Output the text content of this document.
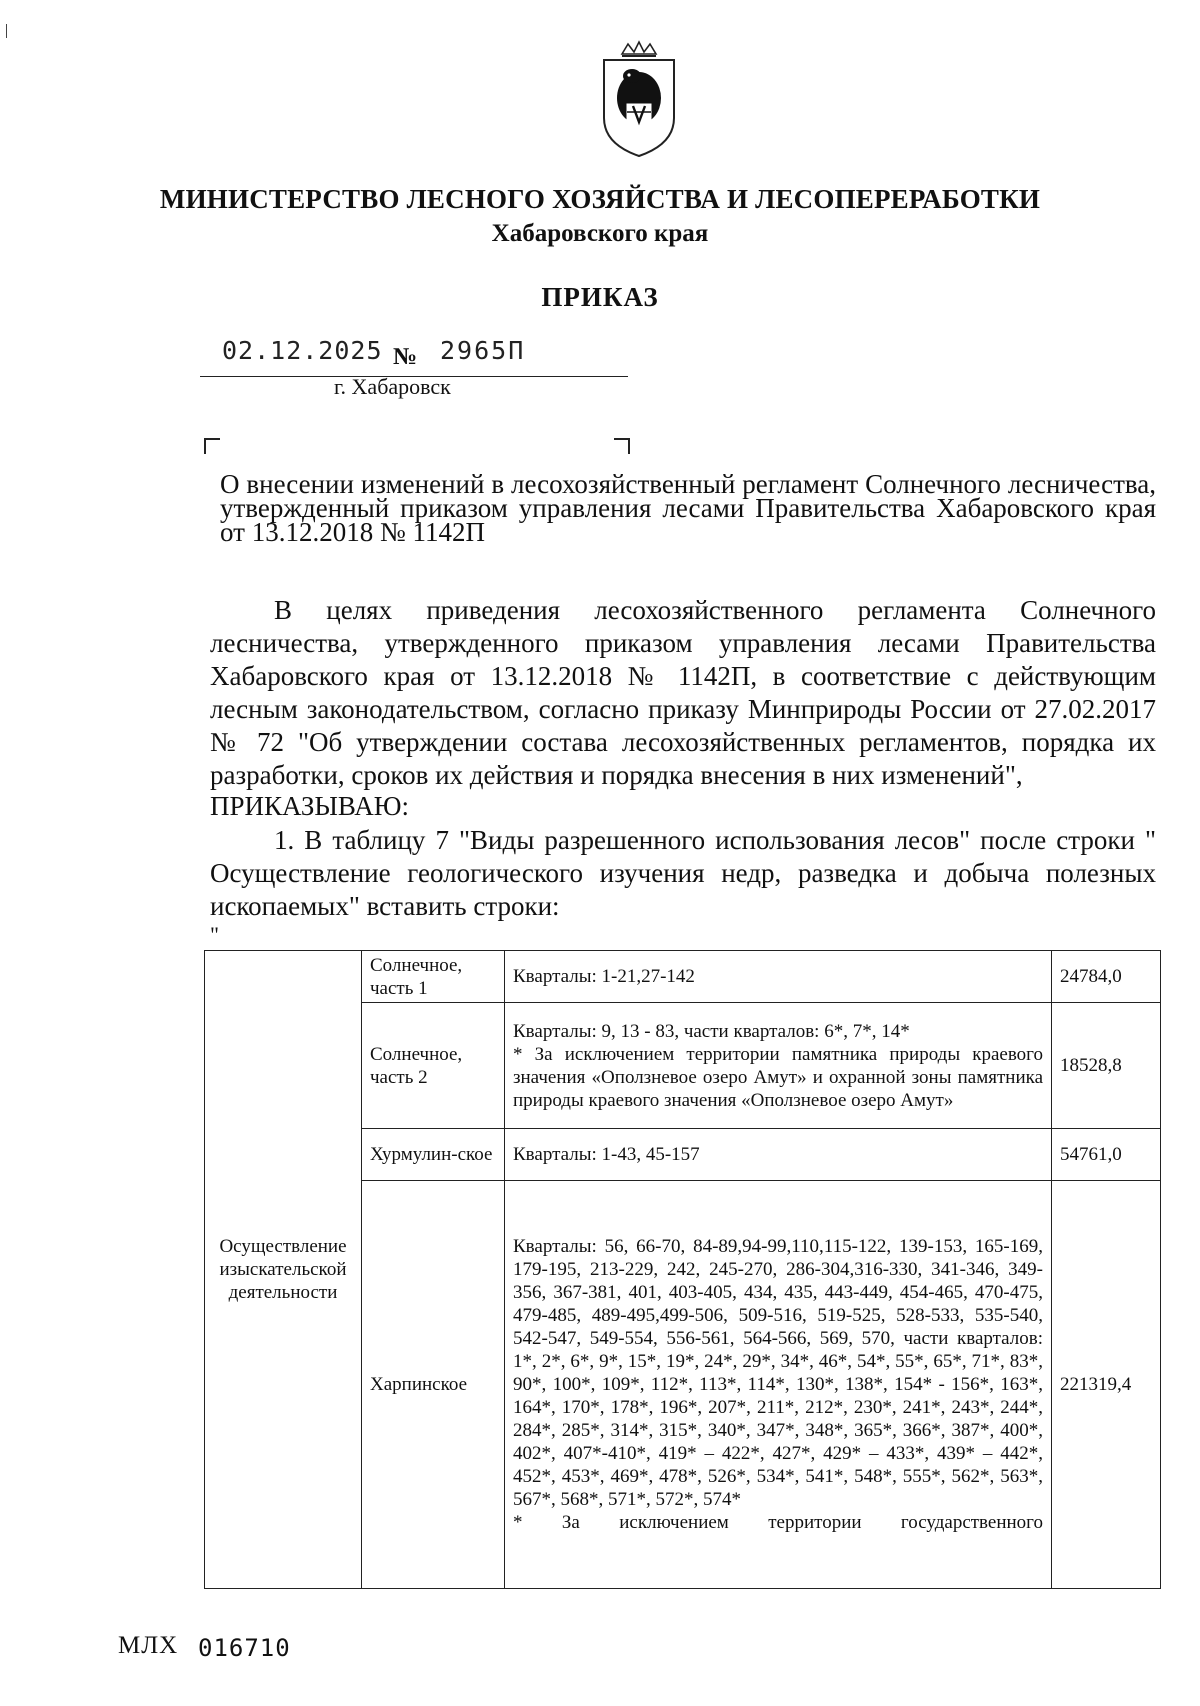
МИНИСТЕРСТВО ЛЕСНОГО ХОЗЯЙСТВА И ЛЕСОПЕРЕРАБОТКИ
Хабаровского края
ПРИКАЗ
02.12.2025 № 2965П
г. Хабаровск
О внесении изменений в лесохозяйственный регламент Солнечного лесничества, утвержденный приказом управления лесами Правительства Хабаровского края от 13.12.2018 № 1142П
В целях приведения лесохозяйственного регламента Солнечного лесничества, утвержденного приказом управления лесами Правительства Хабаровского края от 13.12.2018 № 1142П, в соответствие с действующим лесным законодательством, согласно приказу Минприроды России от 27.02.2017 № 72 "Об утверждении состава лесохозяйственных регламентов, порядка их разработки, сроков их действия и порядка внесения в них изменений",
ПРИКАЗЫВАЮ:
1. В таблицу 7 "Виды разрешенного использования лесов" после строки " Осуществление геологического изучения недр, разведка и добыча полезных ископаемых" вставить строки:
"
Осуществление изыскательской деятельности	Солнечное, часть 1	Кварталы: 1-21,27-142	24784,0
	Солнечное, часть 2	Кварталы: 9, 13 - 83, части кварталов: 6*, 7*, 14*
* За исключением территории памятника природы краевого значения «Оползневое озеро Амут» и охранной зоны памятника природы краевого значения «Оползневое озеро Амут»	18528,8
	Хурмулин-ское	Кварталы: 1-43, 45-157	54761,0
	Харпинское	Кварталы: 56, 66-70, 84-89,94-99,110,115-122, 139-153, 165-169, 179-195, 213-229, 242, 245-270, 286-304,316-330, 341-346, 349-356, 367-381, 401, 403-405, 434, 435, 443-449, 454-465, 470-475, 479-485, 489-495,499-506, 509-516, 519-525, 528-533, 535-540, 542-547, 549-554, 556-561, 564-566, 569, 570, части кварталов: 1*, 2*, 6*, 9*, 15*, 19*, 24*, 29*, 34*, 46*, 54*, 55*, 65*, 71*, 83*, 90*, 100*, 109*, 112*, 113*, 114*, 130*, 138*, 154* - 156*, 163*, 164*, 170*, 178*, 196*, 207*, 211*, 212*, 230*, 241*, 243*, 244*, 284*, 285*, 314*, 315*, 340*, 347*, 348*, 365*, 366*, 387*, 400*, 402*, 407*-410*, 419* – 422*, 427*, 429* – 433*, 439* – 442*, 452*, 453*, 469*, 478*, 526*, 534*, 541*, 548*, 555*, 562*, 563*, 567*, 568*, 571*, 572*, 574*
* За исключением территории государственного	221319,4
МЛХ 016710
